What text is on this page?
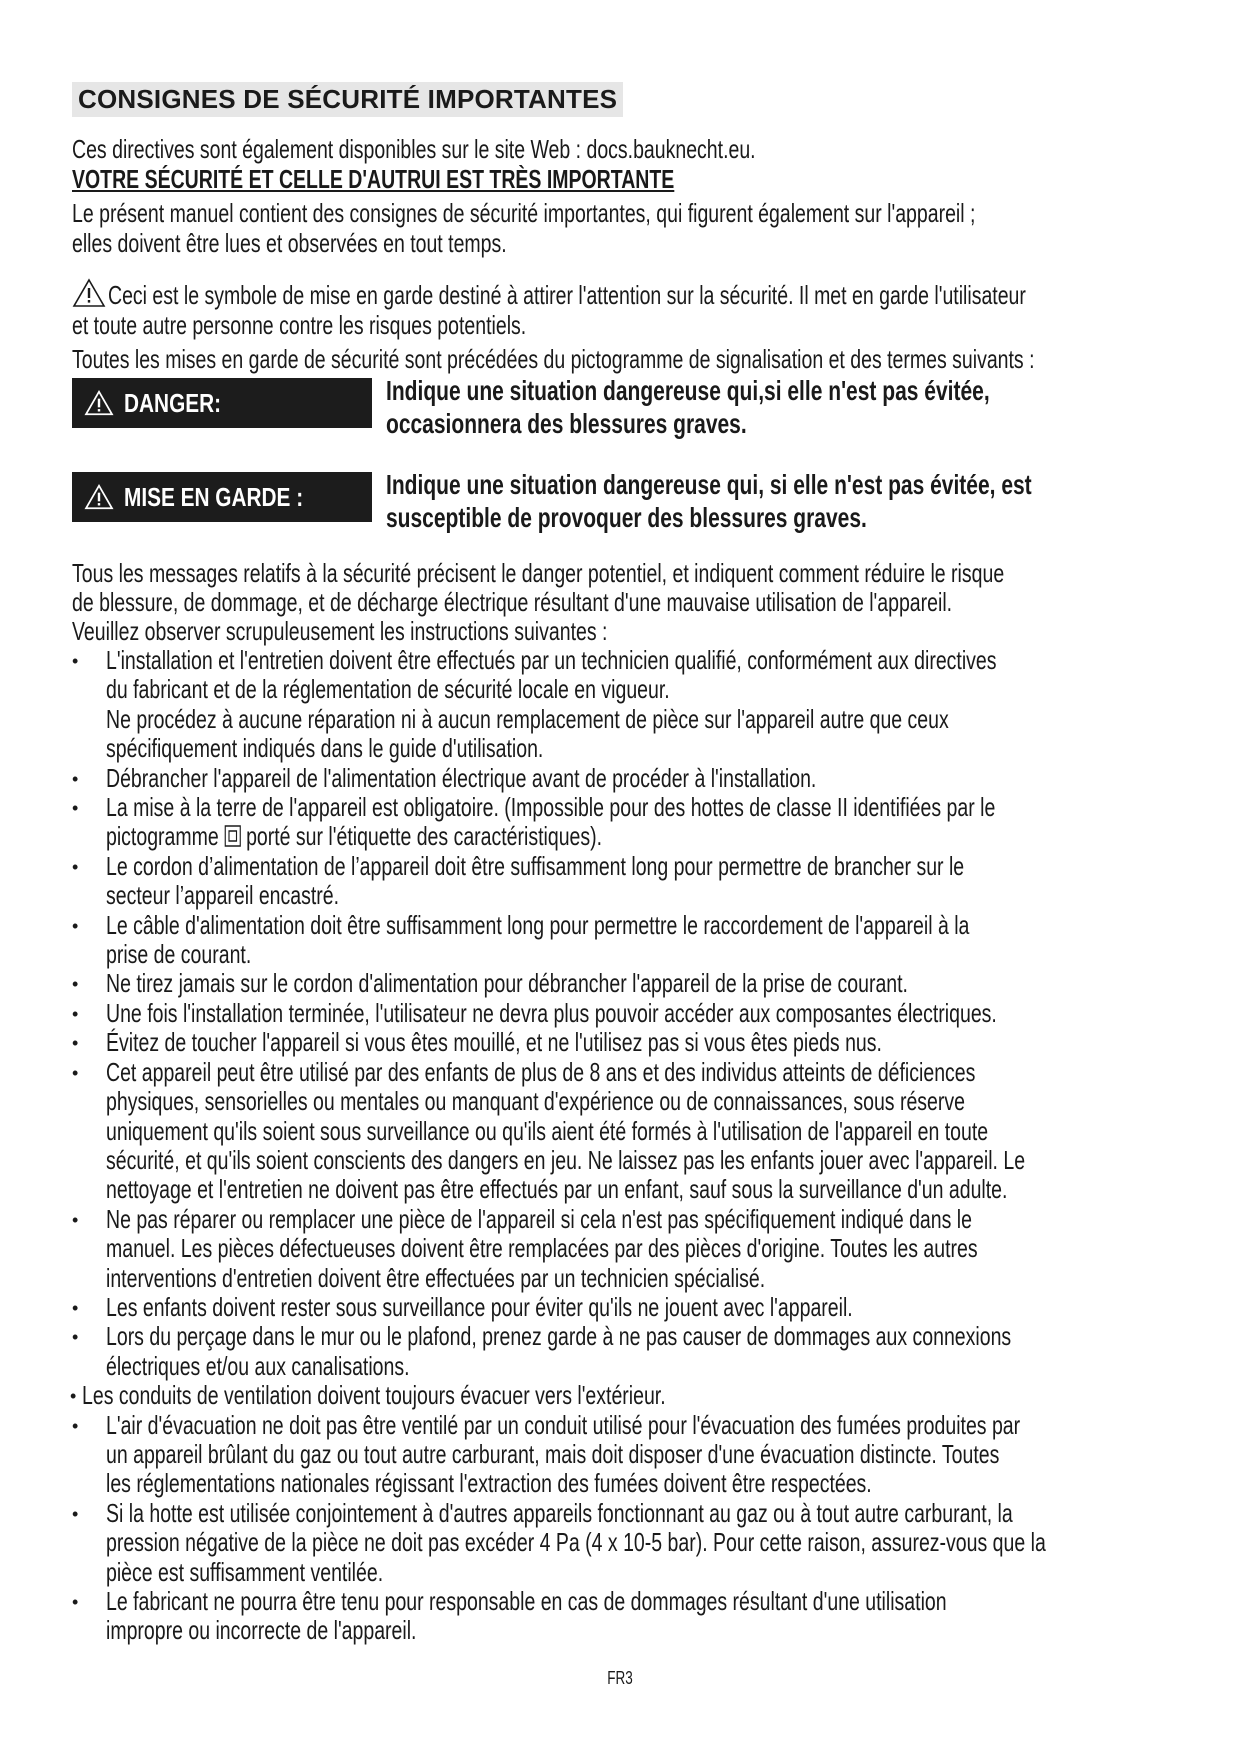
CONSIGNES DE SÉCURITÉ IMPORTANTES
Ces directives sont également disponibles sur le site Web : docs.bauknecht.eu.
VOTRE SÉCURITÉ ET CELLE D'AUTRUI EST TRÈS IMPORTANTE
Le présent manuel contient des consignes de sécurité importantes, qui figurent également sur l'appareil ;
elles doivent être lues et observées en tout temps.
Ceci est le symbole de mise en garde destiné à attirer l'attention sur la sécurité. Il met en garde l'utilisateur
et toute autre personne contre les risques potentiels.
Toutes les mises en garde de sécurité sont précédées du pictogramme de signalisation et des termes suivants :
DANGER:	Indique une situation dangereuse qui,si elle n'est pas évitée,
occasionnera des blessures graves.
MISE EN GARDE :	Indique une situation dangereuse qui, si elle n'est pas évitée, est
susceptible de provoquer des blessures graves.
Tous les messages relatifs à la sécurité précisent le danger potentiel, et indiquent comment réduire le risque
de blessure, de dommage, et de décharge électrique résultant d'une mauvaise utilisation de l'appareil.
Veuillez observer scrupuleusement les instructions suivantes :
• L'installation et l'entretien doivent être effectués par un technicien qualifié, conformément aux directives
du fabricant et de la réglementation de sécurité locale en vigueur.
Ne procédez à aucune réparation ni à aucun remplacement de pièce sur l'appareil autre que ceux
spécifiquement indiqués dans le guide d'utilisation.
• Débrancher l'appareil de l'alimentation électrique avant de procéder à l'installation.
• La mise à la terre de l'appareil est obligatoire. (Impossible pour des hottes de classe II identifiées par le
pictogramme porté sur l'étiquette des caractéristiques).
• Le cordon d’alimentation de l’appareil doit être suffisamment long pour permettre de brancher sur le
secteur l’appareil encastré.
• Le câble d'alimentation doit être suffisamment long pour permettre le raccordement de l'appareil à la
prise de courant.
• Ne tirez jamais sur le cordon d'alimentation pour débrancher l'appareil de la prise de courant.
• Une fois l'installation terminée, l'utilisateur ne devra plus pouvoir accéder aux composantes électriques.
• Évitez de toucher l'appareil si vous êtes mouillé, et ne l'utilisez pas si vous êtes pieds nus.
• Cet appareil peut être utilisé par des enfants de plus de 8 ans et des individus atteints de déficiences
physiques, sensorielles ou mentales ou manquant d'expérience ou de connaissances, sous réserve
uniquement qu'ils soient sous surveillance ou qu'ils aient été formés à l'utilisation de l'appareil en toute
sécurité, et qu'ils soient conscients des dangers en jeu. Ne laissez pas les enfants jouer avec l'appareil. Le
nettoyage et l'entretien ne doivent pas être effectués par un enfant, sauf sous la surveillance d'un adulte.
• Ne pas réparer ou remplacer une pièce de l'appareil si cela n'est pas spécifiquement indiqué dans le
manuel. Les pièces défectueuses doivent être remplacées par des pièces d'origine. Toutes les autres
interventions d'entretien doivent être effectuées par un technicien spécialisé.
• Les enfants doivent rester sous surveillance pour éviter qu'ils ne jouent avec l'appareil.
• Lors du perçage dans le mur ou le plafond, prenez garde à ne pas causer de dommages aux connexions
électriques et/ou aux canalisations.
• Les conduits de ventilation doivent toujours évacuer vers l'extérieur.
• L'air d'évacuation ne doit pas être ventilé par un conduit utilisé pour l'évacuation des fumées produites par
un appareil brûlant du gaz ou tout autre carburant, mais doit disposer d'une évacuation distincte. Toutes
les réglementations nationales régissant l'extraction des fumées doivent être respectées.
• Si la hotte est utilisée conjointement à d'autres appareils fonctionnant au gaz ou à tout autre carburant, la
pression négative de la pièce ne doit pas excéder 4 Pa (4 x 10-5 bar). Pour cette raison, assurez-vous que la
pièce est suffisamment ventilée.
• Le fabricant ne pourra être tenu pour responsable en cas de dommages résultant d'une utilisation
impropre ou incorrecte de l'appareil.
FR3
